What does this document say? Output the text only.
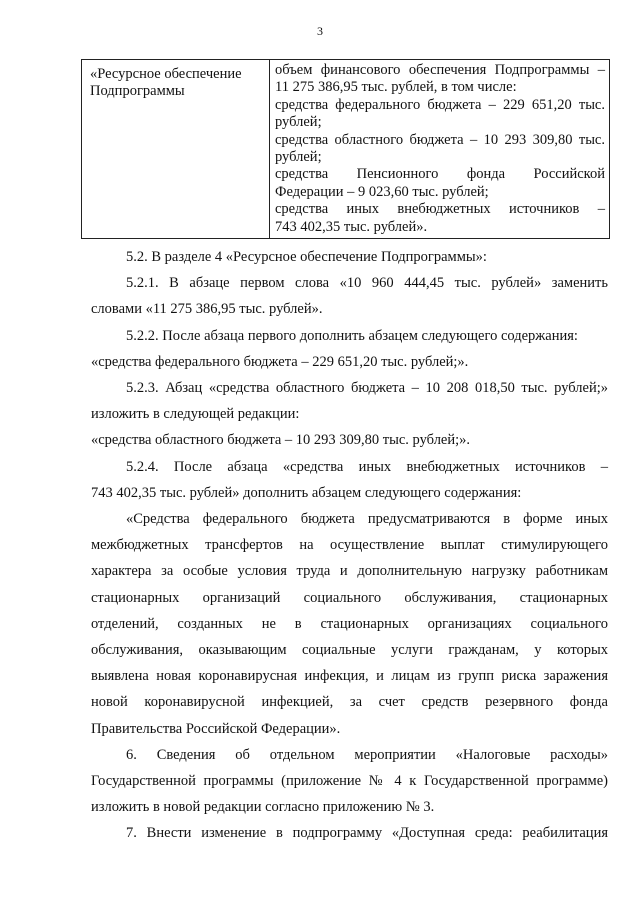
3
«Ресурсное обеспечение Подпрограммы
объем финансового обеспечения Подпрограммы –
11 275 386,95 тыс. рублей, в том числе:
средства федерального бюджета – 229 651,20 тыс.
рублей;
средства областного бюджета – 10 293 309,80 тыс.
рублей;
средства Пенсионного фонда Российской
Федерации – 9 023,60 тыс. рублей;
средства иных внебюджетных источников –
743 402,35 тыс. рублей».

5.2. В разделе 4 «Ресурсное обеспечение Подпрограммы»:

5.2.1. В абзаце первом слова «10 960 444,45 тыс. рублей» заменить

словами «11 275 386,95 тыс. рублей».

5.2.2. После абзаца первого дополнить абзацем следующего содержания:

«средства федерального бюджета – 229 651,20 тыс. рублей;».

5.2.3. Абзац «средства областного бюджета – 10 208 018,50 тыс. рублей;»

изложить в следующей редакции:

«средства областного бюджета – 10 293 309,80 тыс. рублей;».

5.2.4. После абзаца «средства иных внебюджетных источников –

743 402,35 тыс. рублей» дополнить абзацем следующего содержания:

«Средства федерального бюджета предусматриваются в форме иных

межбюджетных трансфертов на осуществление выплат стимулирующего

характера за особые условия труда и дополнительную нагрузку работникам

стационарных организаций социального обслуживания, стационарных

отделений, созданных не в стационарных организациях социального

обслуживания, оказывающим социальные услуги гражданам, у которых

выявлена новая коронавирусная инфекция, и лицам из групп риска заражения

новой коронавирусной инфекцией, за счет средств резервного фонда

Правительства Российской Федерации».

6. Сведения об отдельном мероприятии «Налоговые расходы»

Государственной программы (приложение № 4 к Государственной программе)

изложить в новой редакции согласно приложению № 3.

7. Внести изменение в подпрограмму «Доступная среда: реабилитация
